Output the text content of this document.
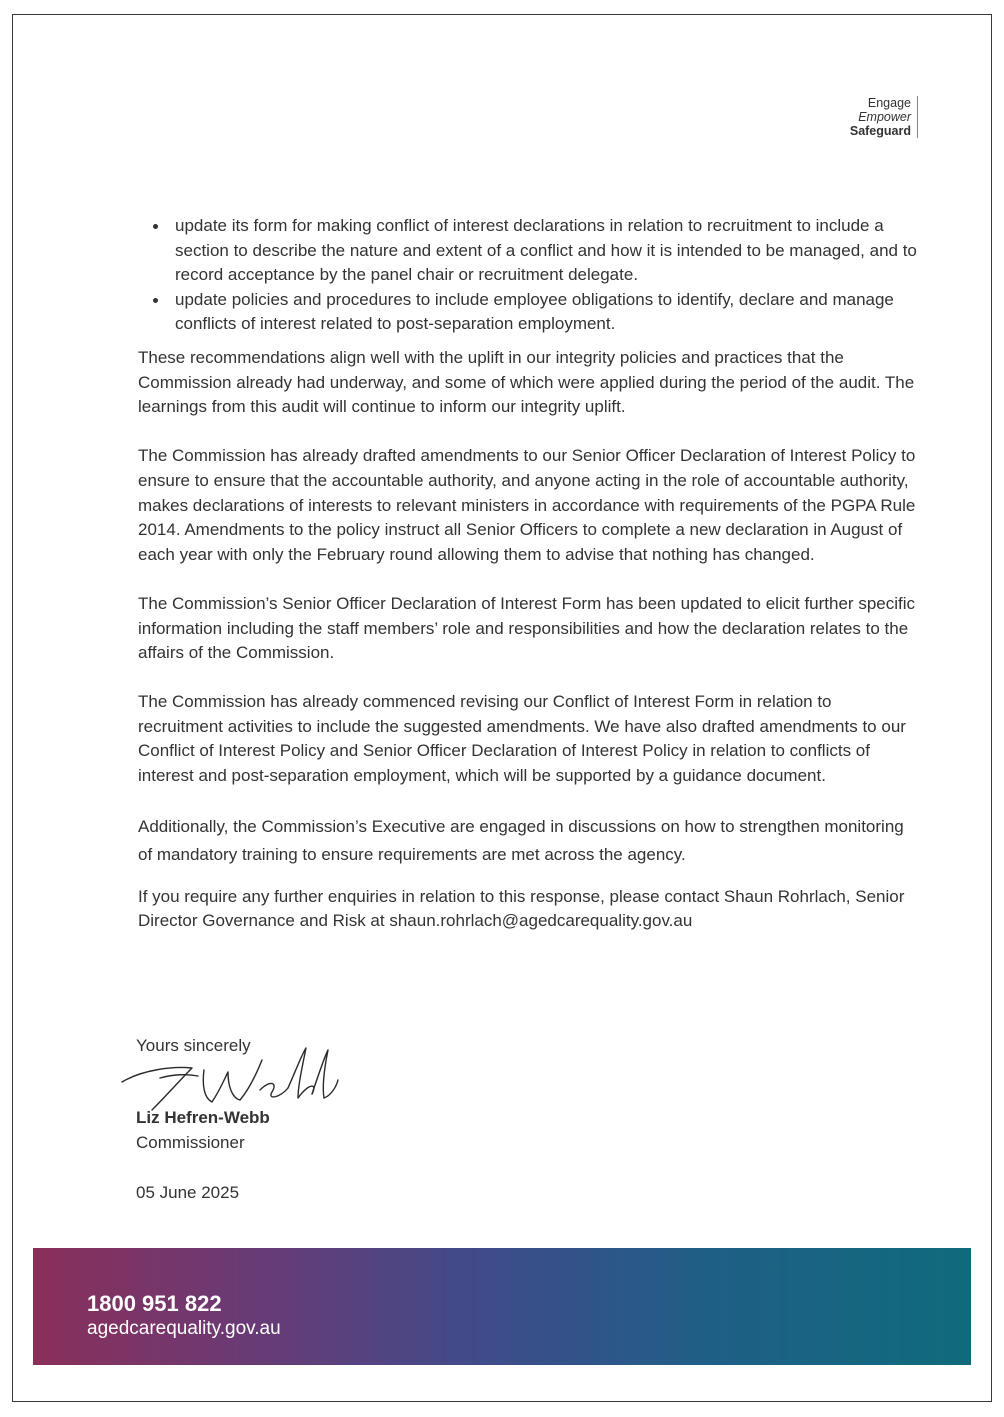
Engage
Empower
Safeguard
update its form for making conflict of interest declarations in relation to recruitment to include a section to describe the nature and extent of a conflict and how it is intended to be managed, and to record acceptance by the panel chair or recruitment delegate.
update policies and procedures to include employee obligations to identify, declare and manage conflicts of interest related to post-separation employment.

These recommendations align well with the uplift in our integrity policies and practices that the Commission already had underway, and some of which were applied during the period of the audit. The learnings from this audit will continue to inform our integrity uplift.

The Commission has already drafted amendments to our Senior Officer Declaration of Interest Policy to ensure to ensure that the accountable authority, and anyone acting in the role of accountable authority, makes declarations of interests to relevant ministers in accordance with requirements of the PGPA Rule 2014. Amendments to the policy instruct all Senior Officers to complete a new declaration in August of each year with only the February round allowing them to advise that nothing has changed.

The Commission’s Senior Officer Declaration of Interest Form has been updated to elicit further specific information including the staff members’ role and responsibilities and how the declaration relates to the affairs of the Commission.

The Commission has already commenced revising our Conflict of Interest Form in relation to recruitment activities to include the suggested amendments. We have also drafted amendments to our Conflict of Interest Policy and Senior Officer Declaration of Interest Policy in relation to conflicts of interest and post-separation employment, which will be supported by a guidance document.

Additionally, the Commission’s Executive are engaged in discussions on how to strengthen monitoring of mandatory training to ensure requirements are met across the agency.

If you require any further enquiries in relation to this response, please contact Shaun Rohrlach, Senior Director Governance and Risk at shaun.rohrlach@agedcarequality.gov.au

Yours sincerely
Liz Hefren-Webb
Commissioner
05 June 2025
1800 951 822
agedcarequality.gov.au
